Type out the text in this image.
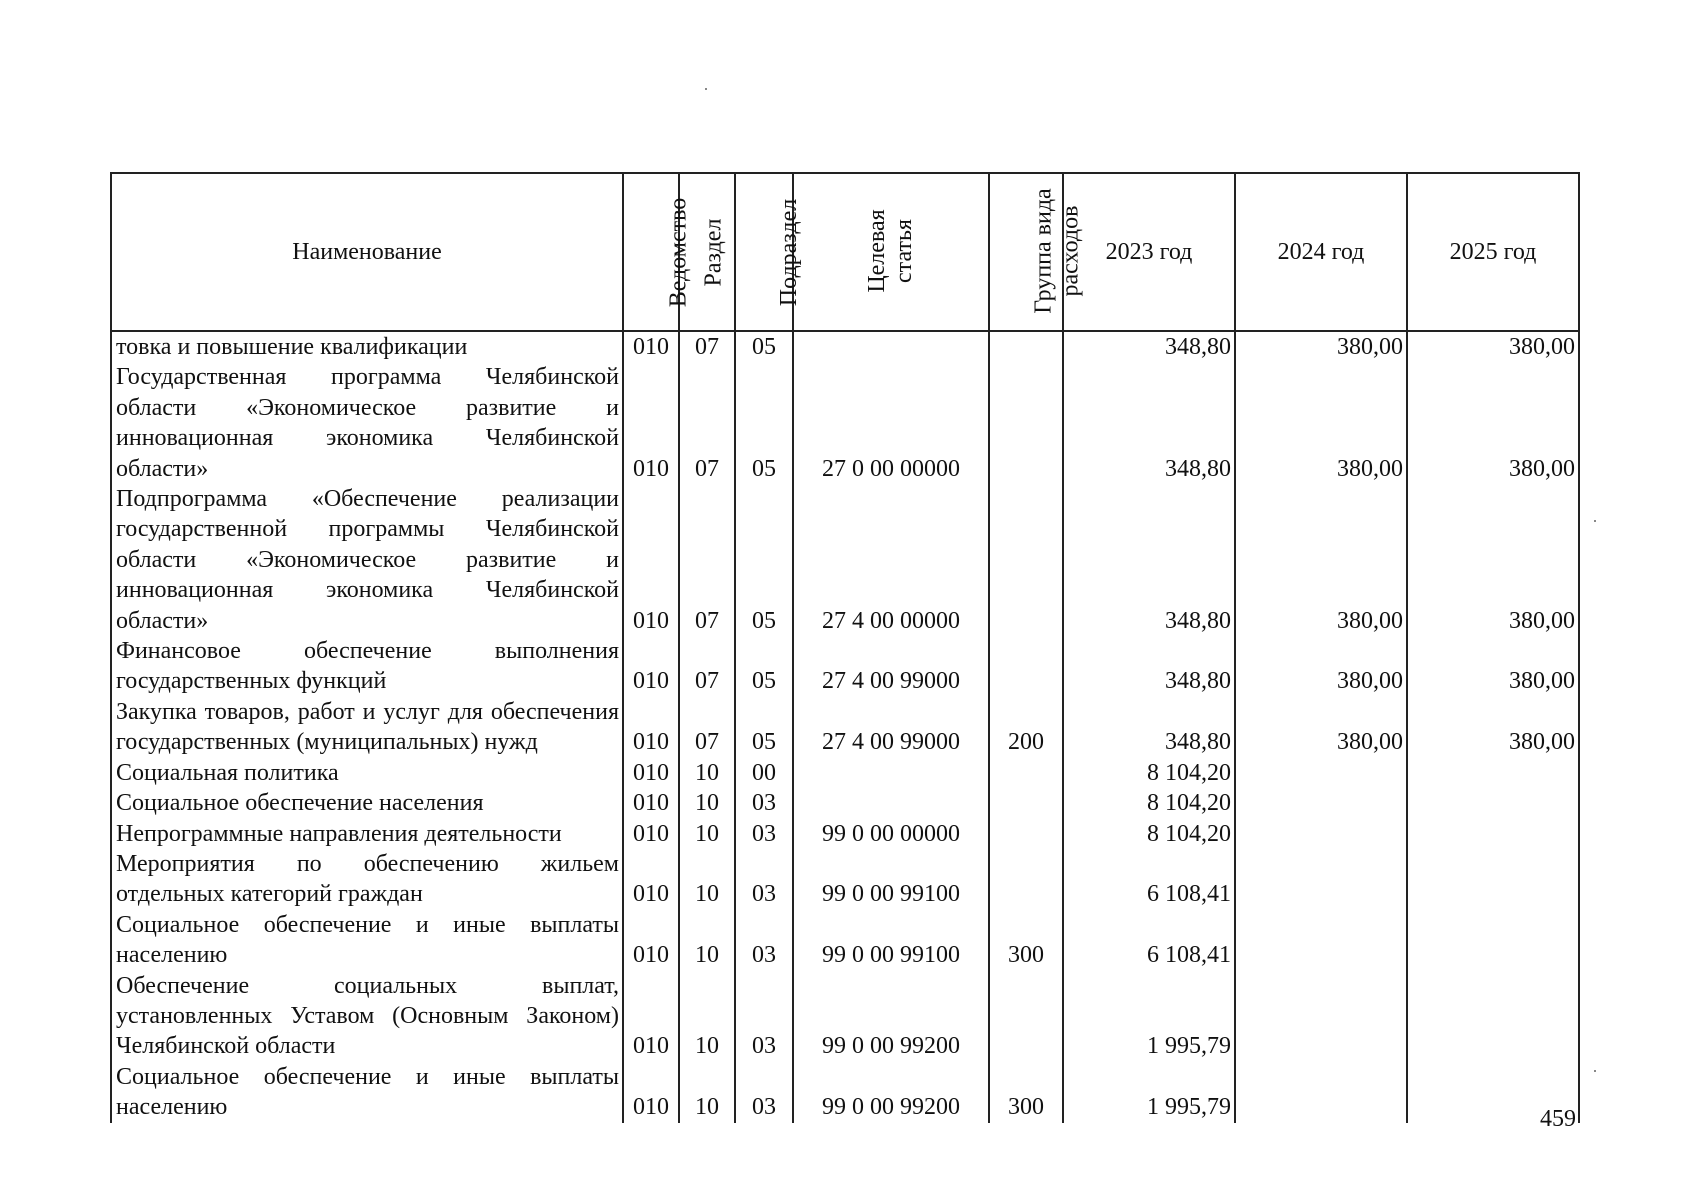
Наименование	Ведомство	Раздел	Подраздел	Целевая статья	Группа вида расходов	2023 год	2024 год	2025 год
товка и повышение квалификации	010	07	05			348,80	380,00	380,00
Государственная программа Челябинской области «Экономическое развитие и инновационная экономика Челябинской области»	010	07	05	27 0 00 00000		348,80	380,00	380,00
Подпрограмма «Обеспечение реализации государственной программы Челябинской области «Экономическое развитие и инновационная экономика Челябинской области»	010	07	05	27 4 00 00000		348,80	380,00	380,00
Финансовое обеспечение выполнения государственных функций	010	07	05	27 4 00 99000		348,80	380,00	380,00
Закупка товаров, работ и услуг для обеспечения государственных (муниципальных) нужд	010	07	05	27 4 00 99000	200	348,80	380,00	380,00
Социальная политика	010	10	00			8 104,20		
Социальное обеспечение населения	010	10	03			8 104,20		
Непрограммные направления деятельности	010	10	03	99 0 00 00000		8 104,20		
Мероприятия по обеспечению жильем отдельных категорий граждан	010	10	03	99 0 00 99100		6 108,41		
Социальное обеспечение и иные выплаты населению	010	10	03	99 0 00 99100	300	6 108,41		
Обеспечение социальных выплат, установленных Уставом (Основным Законом) Челябинской области	010	10	03	99 0 00 99200		1 995,79		
Социальное обеспечение и иные выплаты населению	010	10	03	99 0 00 99200	300	1 995,79			459
